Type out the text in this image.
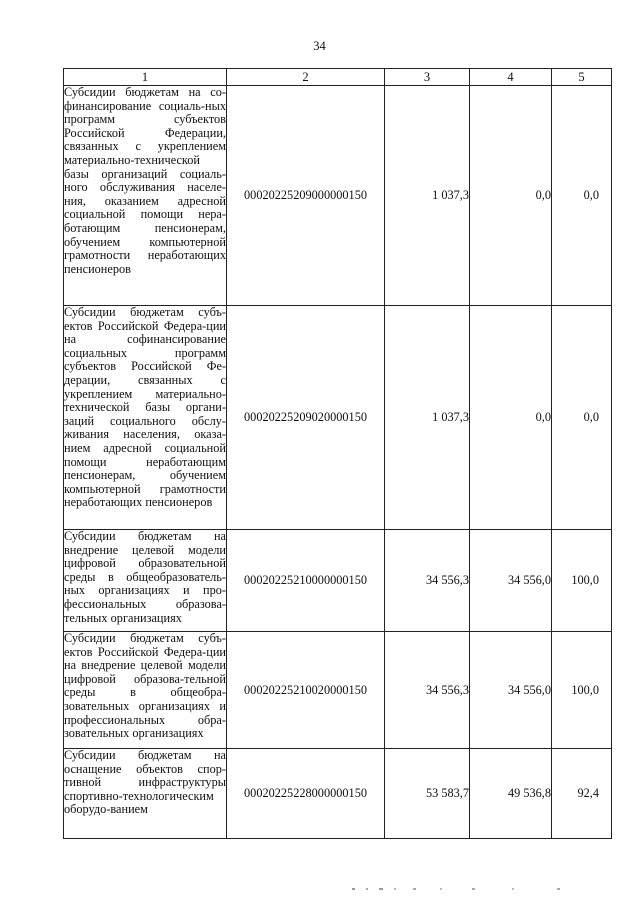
34
1	2	3	4	5
Субсидии бюджетам на со-финансирование социаль-ных программ субъектов Российской Федерации, связанных с укреплением материально-технической базы организаций социаль-ного обслуживания населе-ния, оказанием адресной социальной помощи нера-ботающим пенсионерам, обучением компьютерной грамотности неработающих пенсионеров	00020225209000000150	1 037,3	0,0	0,0
Субсидии бюджетам субъ-ектов Российской Федера-ции на софинансирование социальных программ субъектов Российской Фе-дерации, связанных с укреплением материально-технической базы органи-заций социального обслу-живания населения, оказа-нием адресной социальной помощи неработающим пенсионерам, обучением компьютерной грамотности неработающих пенсионеров	00020225209020000150	1 037,3	0,0	0,0
Субсидии бюджетам на внедрение целевой модели цифровой образовательной среды в общеобразователь-ных организациях и про-фессиональных образова-тельных организациях	00020225210000000150	34 556,3	34 556,0	100,0
Субсидии бюджетам субъ-ектов Российской Федера-ции на внедрение целевой модели цифровой образова-тельной среды в общеобра-зовательных организациях и профессиональных обра-зовательных организациях	00020225210020000150	34 556,3	34 556,0	100,0
Субсидии бюджетам на оснащение объектов спор-тивной инфраструктуры спортивно-технологическим оборудо-ванием	00020225228000000150	53 583,7	49 536,8	92,4
